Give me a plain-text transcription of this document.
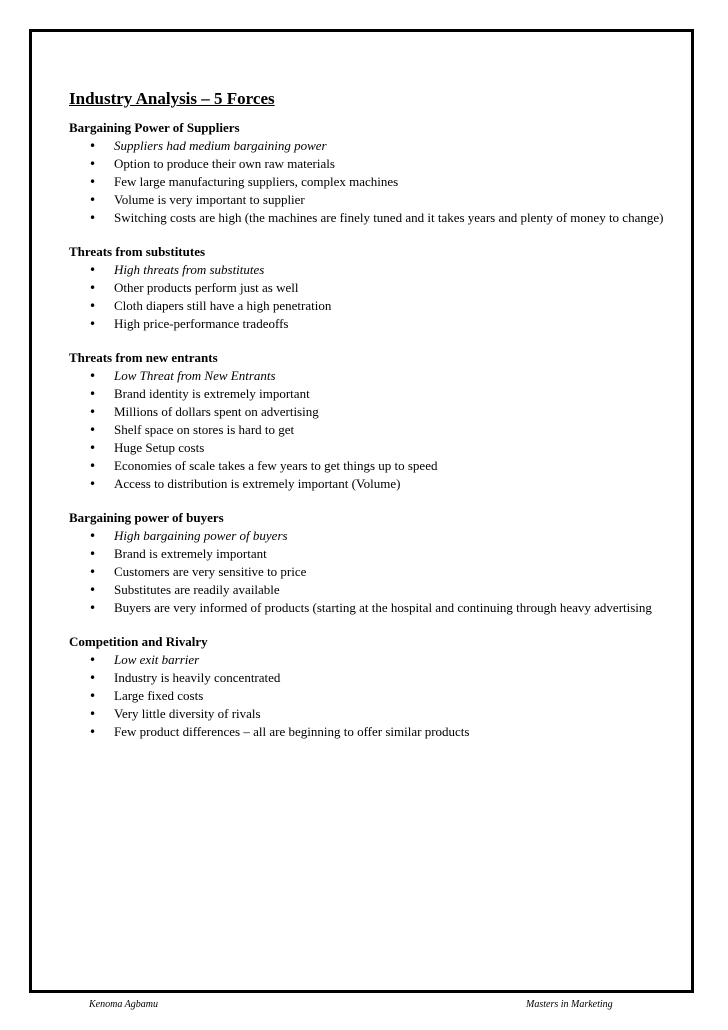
Industry Analysis – 5 Forces
Bargaining Power of Suppliers
• Suppliers had medium bargaining power
• Option to produce their own raw materials
• Few large manufacturing suppliers, complex machines
• Volume is very important to supplier
• Switching costs are high (the machines are finely tuned and it takes years and plenty of money to change)
Threats from substitutes
• High threats from substitutes
• Other products perform just as well
• Cloth diapers still have a high penetration
• High price-performance tradeoffs
Threats from new entrants
• Low Threat from New Entrants
• Brand identity is extremely important
• Millions of dollars spent on advertising
• Shelf space on stores is hard to get
• Huge Setup costs
• Economies of scale takes a few years to get things up to speed
• Access to distribution is extremely important (Volume)
Bargaining power of buyers
• High bargaining power of buyers
• Brand is extremely important
• Customers are very sensitive to price
• Substitutes are readily available
• Buyers are very informed of products (starting at the hospital and continuing through heavy advertising
Competition and Rivalry
• Low exit barrier
• Industry is heavily concentrated
• Large fixed costs
• Very little diversity of rivals
• Few product differences – all are beginning to offer similar products
Kenoma Agbamu	Masters in Marketing
